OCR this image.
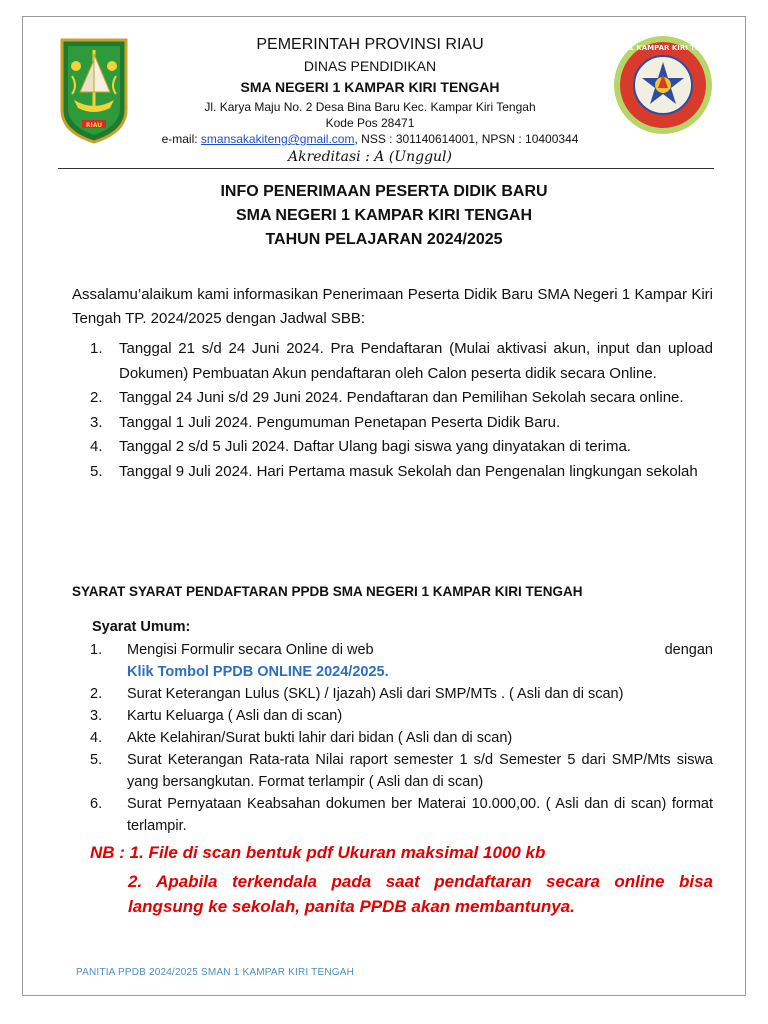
RIAU
SMAN 1 KAMPAR KIRI TENGAH
PEMERINTAH PROVINSI RIAU
DINAS PENDIDIKAN
SMA NEGERI 1 KAMPAR KIRI TENGAH
Jl. Karya Maju No. 2 Desa Bina Baru Kec. Kampar Kiri Tengah
Kode Pos 28471
e-mail: smansakakiteng@gmail.com, NSS : 301140614001, NPSN : 10400344
Akreditasi : A (Unggul)
INFO PENERIMAAN PESERTA DIDIK BARU
SMA NEGERI 1 KAMPAR KIRI TENGAH
TAHUN PELAJARAN 2024/2025
Assalamu’alaikum kami informasikan Penerimaan Peserta Didik Baru SMA Negeri 1 Kampar Kiri Tengah TP. 2024/2025 dengan Jadwal SBB:
1. Tanggal 21 s/d 24 Juni 2024. Pra Pendaftaran (Mulai aktivasi akun, input dan upload Dokumen) Pembuatan Akun pendaftaran oleh Calon peserta didik secara Online.
2. Tanggal 24 Juni s/d 29 Juni 2024. Pendaftaran dan Pemilihan Sekolah secara online.
3. Tanggal 1 Juli 2024. Pengumuman Penetapan Peserta Didik Baru.
4. Tanggal 2 s/d 5 Juli 2024. Daftar Ulang bagi siswa yang dinyatakan di terima.
5. Tanggal 9 Juli 2024. Hari Pertama masuk Sekolah dan Pengenalan lingkungan sekolah
SYARAT SYARAT PENDAFTARAN PPDB SMA NEGERI 1 KAMPAR KIRI TENGAH
Syarat Umum:
1. Mengisi Formulir secara Online di web	dengan
Klik Tombol PPDB ONLINE 2024/2025.
2. Surat Keterangan Lulus (SKL) / Ijazah) Asli dari SMP/MTs . ( Asli dan di scan)
3. Kartu Keluarga ( Asli dan di scan)
4. Akte Kelahiran/Surat bukti lahir dari bidan ( Asli dan di scan)
5. Surat Keterangan Rata-rata Nilai raport semester 1 s/d Semester 5 dari SMP/Mts siswa yang bersangkutan. Format terlampir ( Asli dan di scan)
6. Surat Pernyataan Keabsahan dokumen ber Materai 10.000,00. ( Asli dan di scan) format terlampir.
NB : 1. File di scan bentuk pdf Ukuran maksimal 1000 kb
2. Apabila terkendala pada saat pendaftaran secara online bisa langsung ke sekolah, panita PPDB akan membantunya.
PANITIA PPDB 2024/2025 SMAN 1 KAMPAR KIRI TENGAH
